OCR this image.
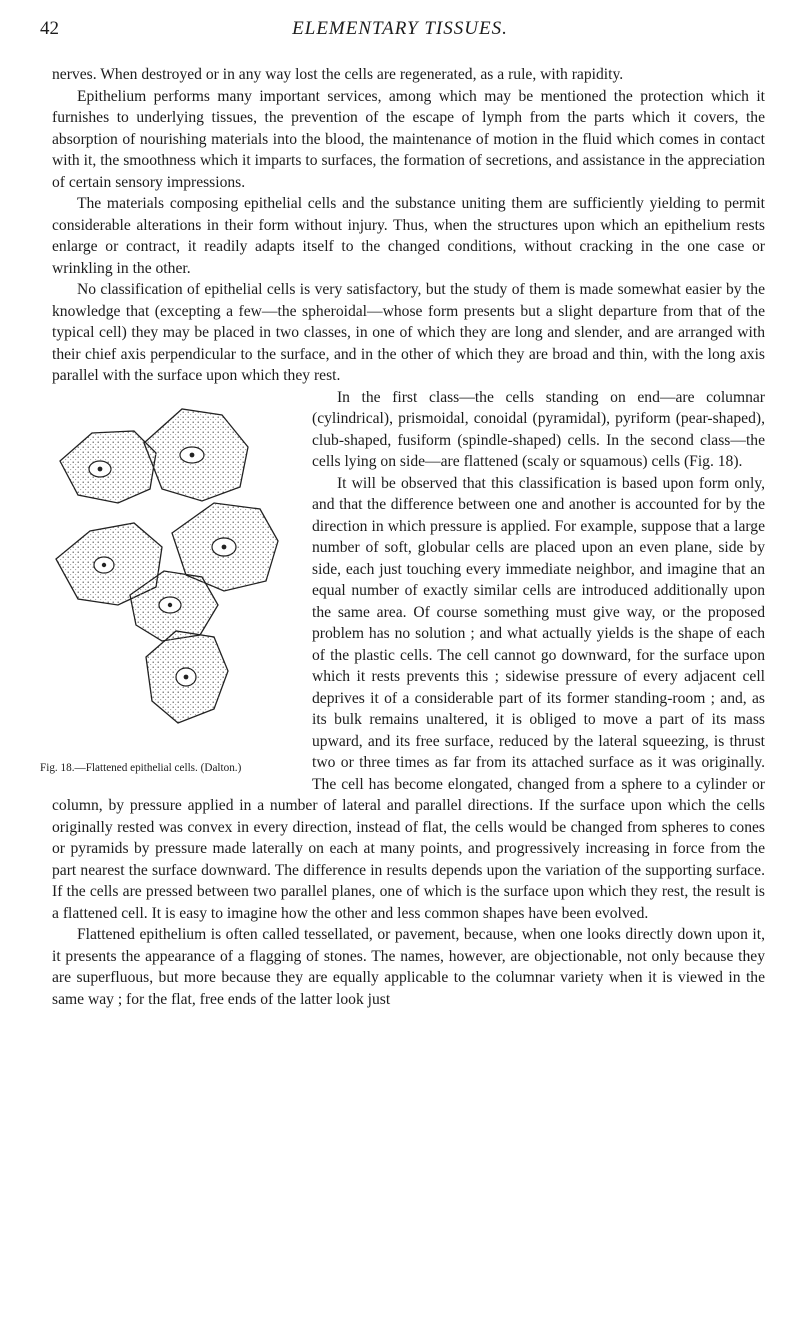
42	ELEMENTARY TISSUES.

nerves. When destroyed or in any way lost the cells are regenerated, as a rule, with rapidity.

Epithelium performs many important services, among which may be mentioned the protection which it furnishes to underlying tissues, the prevention of the escape of lymph from the parts which it covers, the absorption of nourishing materials into the blood, the maintenance of motion in the fluid which comes in contact with it, the smoothness which it imparts to surfaces, the formation of secretions, and assistance in the appreciation of certain sensory impressions.

The materials composing epithelial cells and the substance uniting them are sufficiently yielding to permit considerable alterations in their form without injury. Thus, when the structures upon which an epithelium rests enlarge or contract, it readily adapts itself to the changed conditions, without cracking in the one case or wrinkling in the other.

No classification of epithelial cells is very satisfactory, but the study of them is made somewhat easier by the knowledge that (excepting a few—the spheroidal—whose form presents but a slight departure from that of the typical cell) they may be placed in two classes, in one of which they are long and slender, and are arranged with their chief axis perpendicular to the surface, and in the other of which they are broad and thin, with the long axis parallel with the surface upon which they rest.

Fig. 18.—Flattened epithelial cells. (Dalton.)

In the first class—the cells standing on end—are columnar (cylindrical), prismoidal, conoidal (pyramidal), pyriform (pear-shaped), club-shaped, fusiform (spindle-shaped) cells. In the second class—the cells lying on side—are flattened (scaly or squamous) cells (Fig. 18).

It will be observed that this classification is based upon form only, and that the difference between one and another is accounted for by the direction in which pressure is applied. For example, suppose that a large number of soft, globular cells are placed upon an even plane, side by side, each just touching every immediate neighbor, and imagine that an equal number of exactly similar cells are introduced additionally upon the same area. Of course something must give way, or the proposed problem has no solution ; and what actually yields is the shape of each of the plastic cells. The cell cannot go downward, for the surface upon which it rests prevents this ; sidewise pressure of every adjacent cell deprives it of a considerable part of its former standing-room ; and, as its bulk remains unaltered, it is obliged to move a part of its mass upward, and its free surface, reduced by the lateral squeezing, is thrust two or three times as far from its attached surface as it was originally. The cell has become elongated, changed from a sphere to a cylinder or column, by pressure applied in a number of lateral and parallel directions. If the surface upon which the cells originally rested was convex in every direction, instead of flat, the cells would be changed from spheres to cones or pyramids by pressure made laterally on each at many points, and progressively increasing in force from the part nearest the surface downward. The difference in results depends upon the variation of the supporting surface. If the cells are pressed between two parallel planes, one of which is the surface upon which they rest, the result is a flattened cell. It is easy to imagine how the other and less common shapes have been evolved.

Flattened epithelium is often called tessellated, or pavement, because, when one looks directly down upon it, it presents the appearance of a flagging of stones. The names, however, are objectionable, not only because they are superfluous, but more because they are equally applicable to the columnar variety when it is viewed in the same way ; for the flat, free ends of the latter look just
